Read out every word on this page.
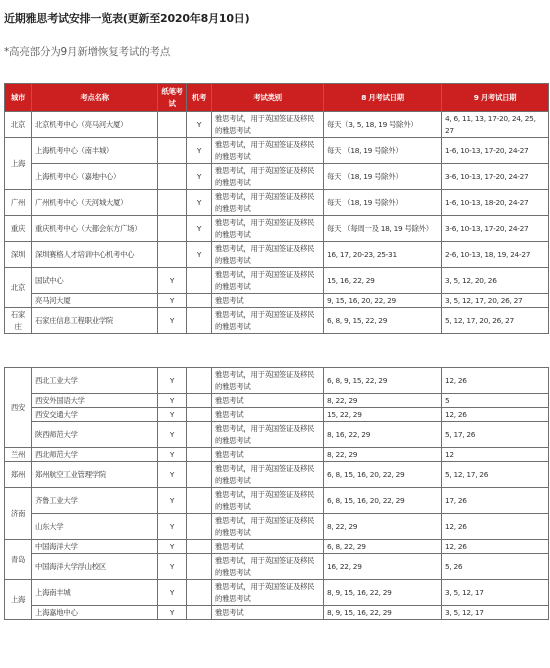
近期雅思考试安排一览表(更新至2020年8月10日)
*高亮部分为9月新增恢复考试的考点
城市	考点名称	纸笔考试	机考	考试类别	8 月考试日期	9 月考试日期
北京	北京机考中心（亮马河大厦）		Y	雅思考试，用于英国签证及移民的雅思考试	每天（3, 5, 18, 19 号除外）	4, 6, 11, 13, 17-20, 24, 25, 27
上海	上海机考中心（南丰城）		Y	雅思考试，用于英国签证及移民的雅思考试	每天 （18, 19 号除外）	1-6, 10-13, 17-20, 24-27
	上海机考中心（嘉地中心）		Y	雅思考试，用于英国签证及移民的雅思考试	每天 （18, 19 号除外）	3-6, 10-13, 17-20, 24-27
广州	广州机考中心（天河城大厦）		Y	雅思考试，用于英国签证及移民的雅思考试	每天 （18, 19 号除外）	1-6, 10-13, 18-20, 24-27
重庆	重庆机考中心（大都会东方广场）		Y	雅思考试，用于英国签证及移民的雅思考试	每天 （每周一及 18, 19 号除外）	3-6, 10-13, 17-20, 24-27
深圳	深圳赛格人才培训中心机考中心		Y	雅思考试，用于英国签证及移民的雅思考试	16, 17, 20-23, 25-31	2-6, 10-13, 18, 19, 24-27
北京	国试中心	Y		雅思考试，用于英国签证及移民的雅思考试	15, 16, 22, 29	3, 5, 12, 20, 26
	亮马河大厦	Y		雅思考试	9, 15, 16, 20, 22, 29	3, 5, 12, 17, 20, 26, 27
石家庄	石家庄信息工程职业学院	Y		雅思考试，用于英国签证及移民的雅思考试	6, 8, 9, 15, 22, 29	5, 12, 17, 20, 26, 27
西安	西北工业大学	Y		雅思考试，用于英国签证及移民的雅思考试	6, 8, 9, 15, 22, 29	12, 26
	西安外国语大学	Y		雅思考试	8, 22, 29	5
	西安交通大学	Y		雅思考试	15, 22, 29	12, 26
	陕西师范大学	Y		雅思考试，用于英国签证及移民的雅思考试	8, 16, 22, 29	5, 17, 26
兰州	西北师范大学	Y		雅思考试	8, 22, 29	12
郑州	郑州航空工业管理学院	Y		雅思考试，用于英国签证及移民的雅思考试	6, 8, 15, 16, 20, 22, 29	5, 12, 17, 26
济南	齐鲁工业大学	Y		雅思考试，用于英国签证及移民的雅思考试	6, 8, 15, 16, 20, 22, 29	17, 26
	山东大学	Y		雅思考试，用于英国签证及移民的雅思考试	8, 22, 29	12, 26
青岛	中国海洋大学	Y		雅思考试	6, 8, 22, 29	12, 26
	中国海洋大学浮山校区	Y		雅思考试，用于英国签证及移民的雅思考试	16, 22, 29	5, 26
上海	上海南丰城	Y		雅思考试，用于英国签证及移民的雅思考试	8, 9, 15, 16, 22, 29	3, 5, 12, 17
	上海嘉地中心	Y		雅思考试	8, 9, 15, 16, 22, 29	3, 5, 12, 17
